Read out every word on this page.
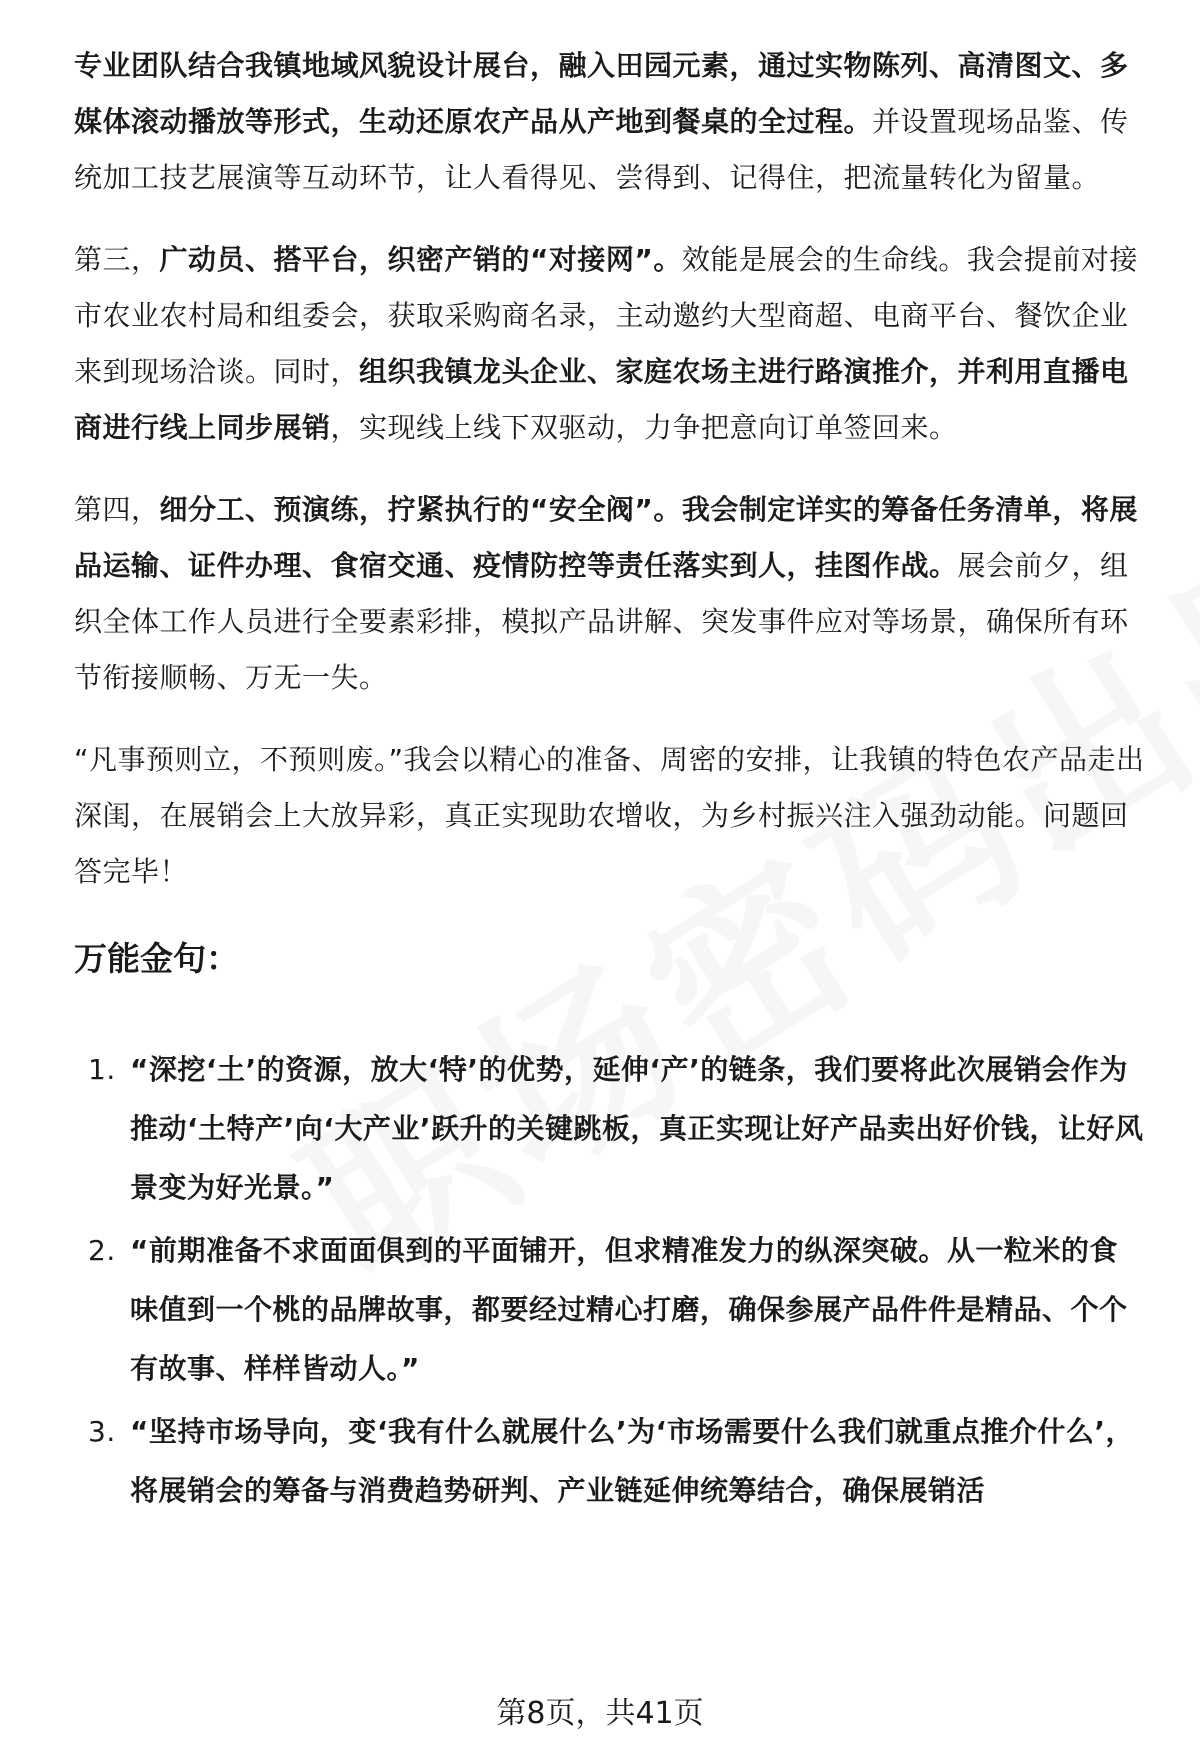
专业团队结合我镇地域风貌设计展台，融入田园元素，通过实物陈列、高清图文、多媒体滚动播放等形式，生动还原农产品从产地到餐桌的全过程。并设置现场品鉴、传统加工技艺展演等互动环节，让人看得见、尝得到、记得住，把流量转化为留量。

第三，广动员、搭平台，织密产销的“对接网”。效能是展会的生命线。我会提前对接市农业农村局和组委会，获取采购商名录，主动邀约大型商超、电商平台、餐饮企业来到现场洽谈。同时，组织我镇龙头企业、家庭农场主进行路演推介，并利用直播电商进行线上同步展销，实现线上线下双驱动，力争把意向订单签回来。

第四，细分工、预演练，拧紧执行的“安全阀”。我会制定详实的筹备任务清单，将展品运输、证件办理、食宿交通、疫情防控等责任落实到人，挂图作战。展会前夕，组织全体工作人员进行全要素彩排，模拟产品讲解、突发事件应对等场景，确保所有环节衔接顺畅、万无一失。

“凡事预则立，不预则废。”我会以精心的准备、周密的安排，让我镇的特色农产品走出深闺，在展销会上大放异彩，真正实现助农增收，为乡村振兴注入强劲动能。问题回答完毕！

万能金句：
1. “深挖‘土’的资源，放大‘特’的优势，延伸‘产’的链条，我们要将此次展销会作为推动‘土特产’向‘大产业’跃升的关键跳板，真正实现让好产品卖出好价钱，让好风景变为好光景。”
2. “前期准备不求面面俱到的平面铺开，但求精准发力的纵深突破。从一粒米的食味值到一个桃的品牌故事，都要经过精心打磨，确保参展产品件件是精品、个个有故事、样样皆动人。”
3. “坚持市场导向，变‘我有什么就展什么’为‘市场需要什么我们就重点推介什么’，将展销会的筹备与消费趋势研判、产业链延伸统筹结合，确保展销活
第8页，共41页
